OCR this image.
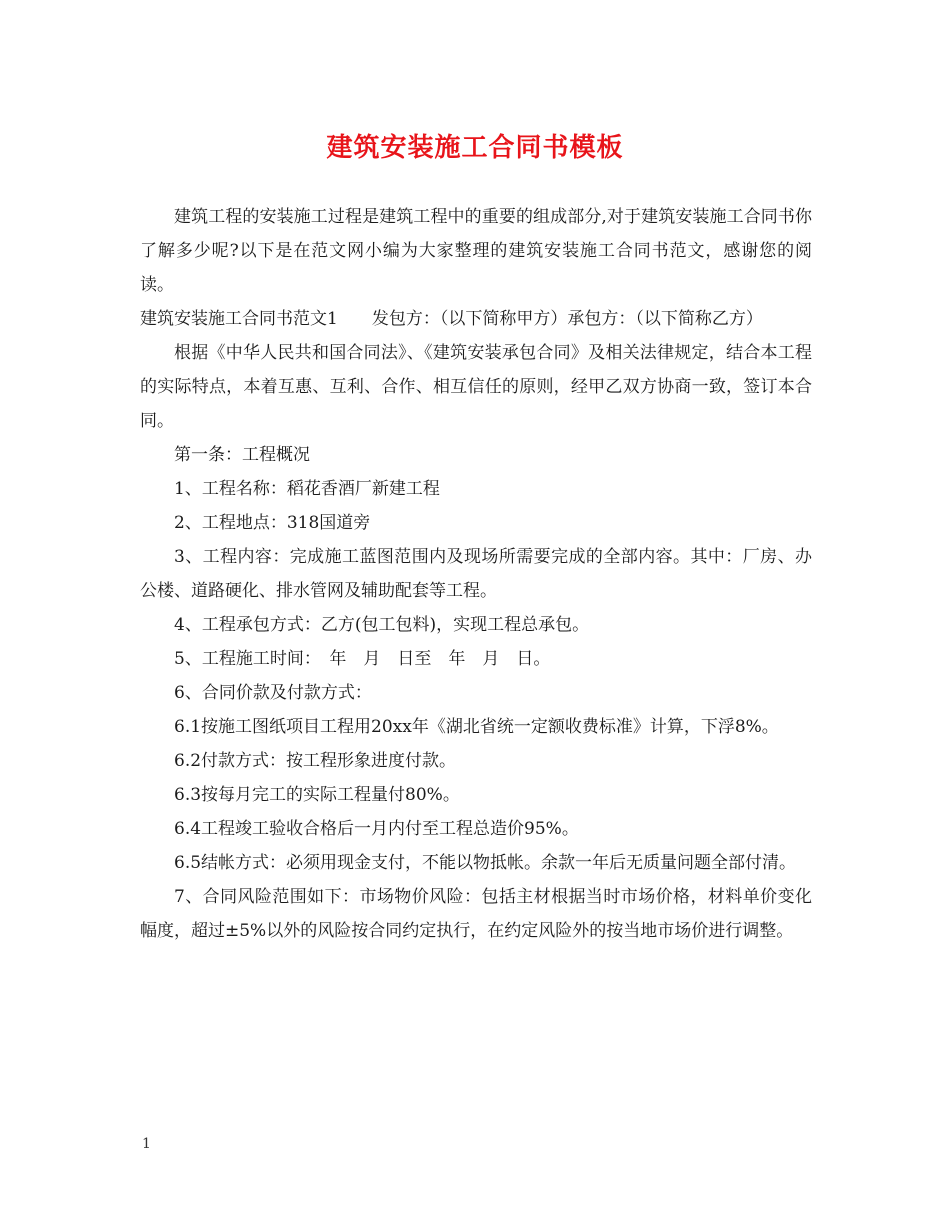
建筑安装施工合同书模板

建筑工程的安装施工过程是建筑工程中的重要的组成部分,对于建筑安装施工合同书你了解多少呢?以下是在范文网小编为大家整理的建筑安装施工合同书范文，感谢您的阅读。

建筑安装施工合同书范文1　　发包方：（以下简称甲方）承包方：（以下简称乙方）

根据《中华人民共和国合同法》、《建筑安装承包合同》及相关法律规定，结合本工程的实际特点，本着互惠、互利、合作、相互信任的原则，经甲乙双方协商一致，签订本合同。

第一条：工程概况

1、工程名称：稻花香酒厂新建工程

2、工程地点：318国道旁

3、工程内容：完成施工蓝图范围内及现场所需要完成的全部内容。其中：厂房、办公楼、道路硬化、排水管网及辅助配套等工程。

4、工程承包方式：乙方(包工包料)，实现工程总承包。

5、工程施工时间：　年　月　日至　年　月　日。

6、合同价款及付款方式：

6.1按施工图纸项目工程用20xx年《湖北省统一定额收费标准》计算，下浮8%。

6.2付款方式：按工程形象进度付款。

6.3按每月完工的实际工程量付80%。

6.4工程竣工验收合格后一月内付至工程总造价95%。

6.5结帐方式：必须用现金支付，不能以物抵帐。余款一年后无质量问题全部付清。

7、合同风险范围如下：市场物价风险：包括主材根据当时市场价格，材料单价变化幅度，超过±5%以外的风险按合同约定执行，在约定风险外的按当地市场价进行调整。

1
